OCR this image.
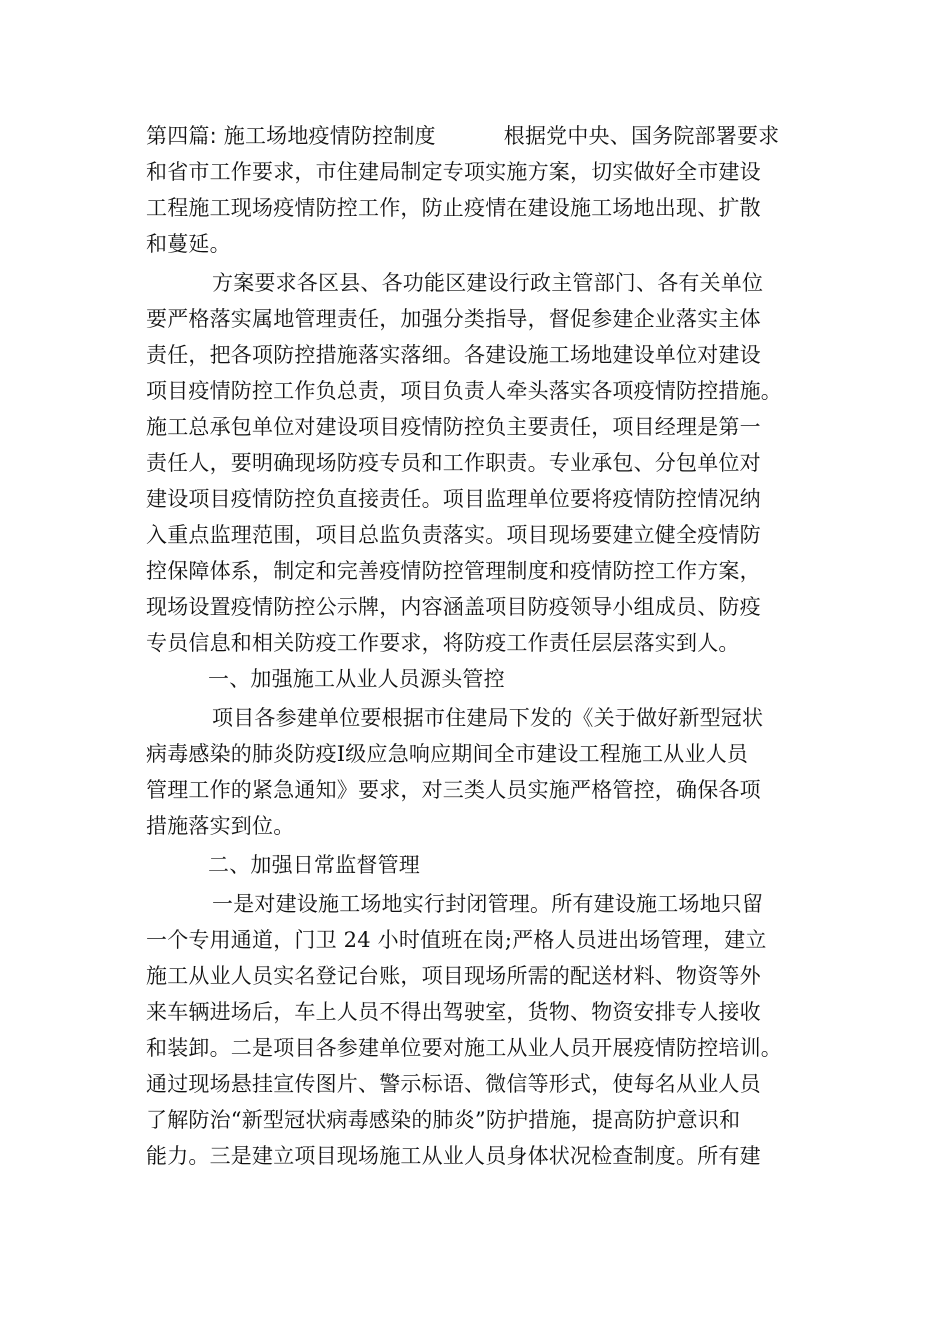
第四篇: 施工场地疫情防控制度	根据党中央、国务院部署要求
和省市工作要求，市住建局制定专项实施方案，切实做好全市建设
工程施工现场疫情防控工作，防止疫情在建设施工场地出现、扩散
和蔓延。
方案要求各区县、各功能区建设行政主管部门、各有关单位
要严格落实属地管理责任，加强分类指导，督促参建企业落实主体
责任，把各项防控措施落实落细。各建设施工场地建设单位对建设
项目疫情防控工作负总责，项目负责人牵头落实各项疫情防控措施。
施工总承包单位对建设项目疫情防控负主要责任，项目经理是第一
责任人，要明确现场防疫专员和工作职责。专业承包、分包单位对
建设项目疫情防控负直接责任。项目监理单位要将疫情防控情况纳
入重点监理范围，项目总监负责落实。项目现场要建立健全疫情防
控保障体系，制定和完善疫情防控管理制度和疫情防控工作方案，
现场设置疫情防控公示牌，内容涵盖项目防疫领导小组成员、防疫
专员信息和相关防疫工作要求，将防疫工作责任层层落实到人。
一、加强施工从业人员源头管控
项目各参建单位要根据市住建局下发的《关于做好新型冠状
病毒感染的肺炎防疫Ⅰ级应急响应期间全市建设工程施工从业人员
管理工作的紧急通知》要求，对三类人员实施严格管控，确保各项
措施落实到位。
二、加强日常监督管理
一是对建设施工场地实行封闭管理。所有建设施工场地只留
一个专用通道，门卫 24 小时值班在岗;严格人员进出场管理，建立
施工从业人员实名登记台账，项目现场所需的配送材料、物资等外
来车辆进场后，车上人员不得出驾驶室，货物、物资安排专人接收
和装卸。二是项目各参建单位要对施工从业人员开展疫情防控培训。
通过现场悬挂宣传图片、警示标语、微信等形式，使每名从业人员
了解防治“新型冠状病毒感染的肺炎”防护措施，提高防护意识和
能力。三是建立项目现场施工从业人员身体状况检查制度。所有建
